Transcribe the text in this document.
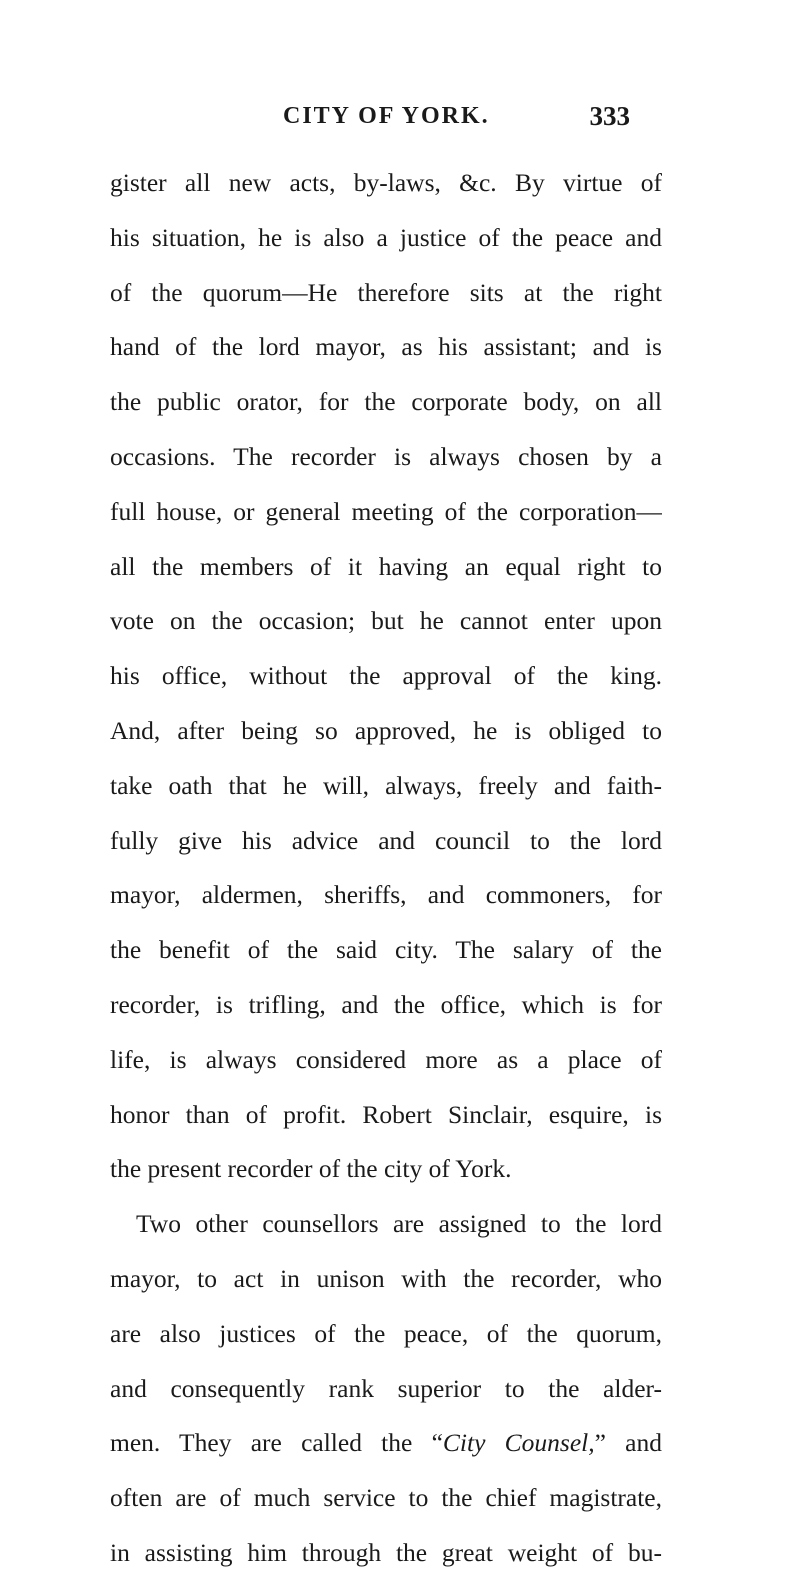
CITY OF YORK.	333
gister all new acts, by-laws, &c. By virtue of
his situation, he is also a justice of the peace and
of the quorum—He therefore sits at the right
hand of the lord mayor, as his assistant; and is
the public orator, for the corporate body, on all
occasions. The recorder is always chosen by a
full house, or general meeting of the corporation—
all the members of it having an equal right to
vote on the occasion; but he cannot enter upon
his office, without the approval of the king.
And, after being so approved, he is obliged to
take oath that he will, always, freely and faith-
fully give his advice and council to the lord
mayor, aldermen, sheriffs, and commoners, for
the benefit of the said city. The salary of the
recorder, is trifling, and the office, which is for
life, is always considered more as a place of
honor than of profit. Robert Sinclair, esquire, is
the present recorder of the city of York.
Two other counsellors are assigned to the lord
mayor, to act in unison with the recorder, who
are also justices of the peace, of the quorum,
and consequently rank superior to the alder-
men. They are called the “City Counsel,” and
often are of much service to the chief magistrate,
in assisting him through the great weight of bu-
